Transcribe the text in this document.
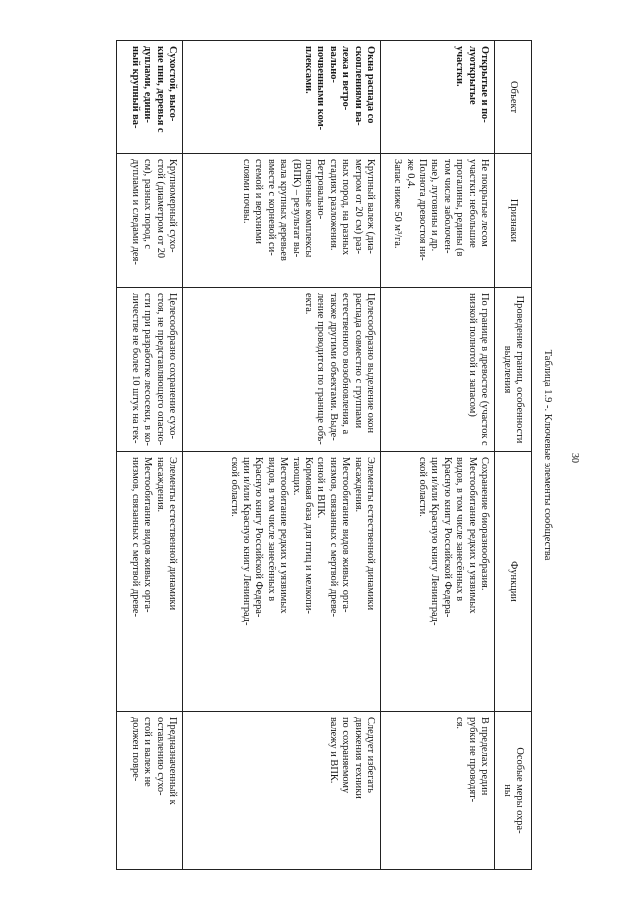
30
Таблица 1.9 -. Ключевые элементы сообщества
Объект
Признаки
Проведение границ, особенности
выделения
Функции
Особые меры охра-
ны
Открытые и по-
луоткрытые
участки.
Не покрытые лесом
участки: небольшие
прогалины, редины (в
том числе заболочен-
ные), луговины и др.
Полнота древостоя ни-
же 0,4.
Запас ниже 50 м³/га.
По границе в древостое (участок с
низкой полнотой и запасом)
Сохранение биоразнообразия.
Местообитание редких и уязвимых
видов, в том числе занесённых в
Красную книгу Российской Федера-
ции и/или Красную книгу Ленинград-
ской области.
В пределах редин
рубки не проводят-
ся.
Окна распада со
скоплениями ва-
лежа и ветро-
вально-
почвенными ком-
плексами.
Крупный валеж (диа-
метром от 20 см) раз-
ных пород, на разных
стадиях разложения.
Ветровально-
почвенные комплексы
(ВПК) – результат вы-
вала крупных деревьев
вместе с корневой си-
стемой и верхними
слоями почвы.
Целесообразно выделение окон
распада совместно с группами
естественного возобновления, а
также другими объектами. Выде-
ление проводится по границе объ-
екта.
Элементы естественной динамики
насаждения.
Местообитание видов живых орга-
низмов, связанных с мертвой древе-
синой и ВПК.
Кормовая база для птиц и мелкопи-
тающих.
Местообитание редких и уязвимых
видов, в том числе занесённых в
Красную книгу Российской Федера-
ции и/или Красную книгу Ленинград-
ской области.
Следует избегать
движения техники
по сохраняемому
валежу и ВПК.
Сухостой, высо-
кие пни, деревья с
дуплами, едини-
ный крупный ва-
Крупномерный сухо-
стой (диаметром от 20
см), разных пород, с
дуплами и следами дея-
Целесообразно сохранение сухо-
стоя, не представляющего опасно-
сти при разработке лесосеки, в ко-
личестве не более 10 штук на гек-
Элементы естественной динамики
насаждения.
Местообитание видов живых орга-
низмов, связанных с мертвой древе-
Предназначенный к
оставлению сухо-
стой и валеж не
должен повре-
